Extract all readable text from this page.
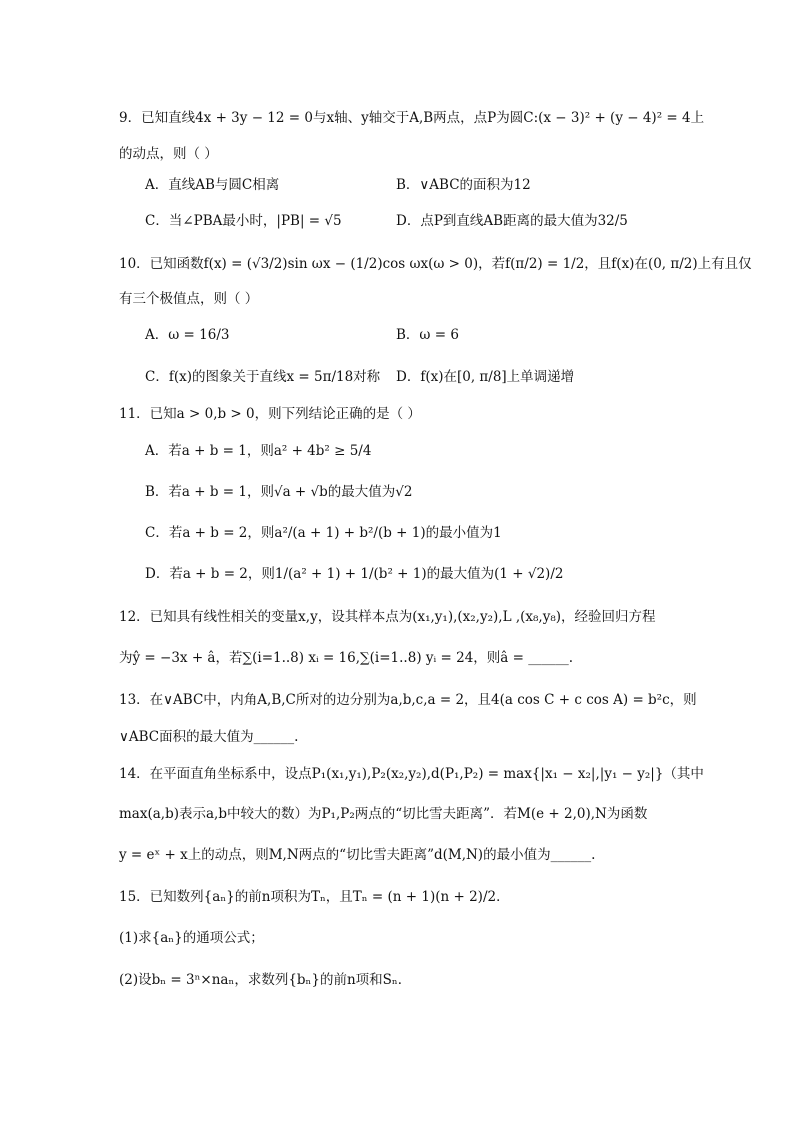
9．已知直线4x + 3y − 12 = 0与x轴、y轴交于A,B两点，点P为圆C:(x − 3)² + (y − 4)² = 4上
的动点，则（ ）
A．直线AB与圆C相离	B．∨ABC的面积为12
C．当∠PBA最小时，|PB| = √5	D．点P到直线AB距离的最大值为32/5
10．已知函数f(x) = (√3/2)sin ωx − (1/2)cos ωx(ω > 0)，若f(π/2) = 1/2，且f(x)在(0, π/2)上有且仅
有三个极值点，则（ ）
A．ω = 16/3	B．ω = 6
C．f(x)的图象关于直线x = 5π/18对称 D．f(x)在[0, π/8]上单调递增
11．已知a > 0,b > 0，则下列结论正确的是（ ）
A．若a + b = 1，则a² + 4b² ≥ 5/4
B．若a + b = 1，则√a + √b的最大值为√2
C．若a + b = 2，则a²/(a + 1) + b²/(b + 1)的最小值为1
D．若a + b = 2，则1/(a² + 1) + 1/(b² + 1)的最大值为(1 + √2)/2
12．已知具有线性相关的变量x,y，设其样本点为(x₁,y₁),(x₂,y₂),L ,(x₈,y₈)，经验回归方程
为ŷ = −3x + â，若∑(i=1..8) xᵢ = 16,∑(i=1..8) yᵢ = 24，则â = ______.
13．在∨ABC中，内角A,B,C所对的边分别为a,b,c,a = 2，且4(a cos C + c cos A) = b²c，则
∨ABC面积的最大值为______.
14．在平面直角坐标系中，设点P₁(x₁,y₁),P₂(x₂,y₂),d(P₁,P₂) = max{|x₁ − x₂|,|y₁ − y₂|}（其中
max(a,b)表示a,b中较大的数）为P₁,P₂两点的“切比雪夫距离”．若M(e + 2,0),N为函数
y = eˣ + x上的动点，则M,N两点的“切比雪夫距离”d(M,N)的最小值为______.
15．已知数列{aₙ}的前n项积为Tₙ，且Tₙ = (n + 1)(n + 2)/2．
(1)求{aₙ}的通项公式；
(2)设bₙ = 3ⁿ×naₙ，求数列{bₙ}的前n项和Sₙ．
